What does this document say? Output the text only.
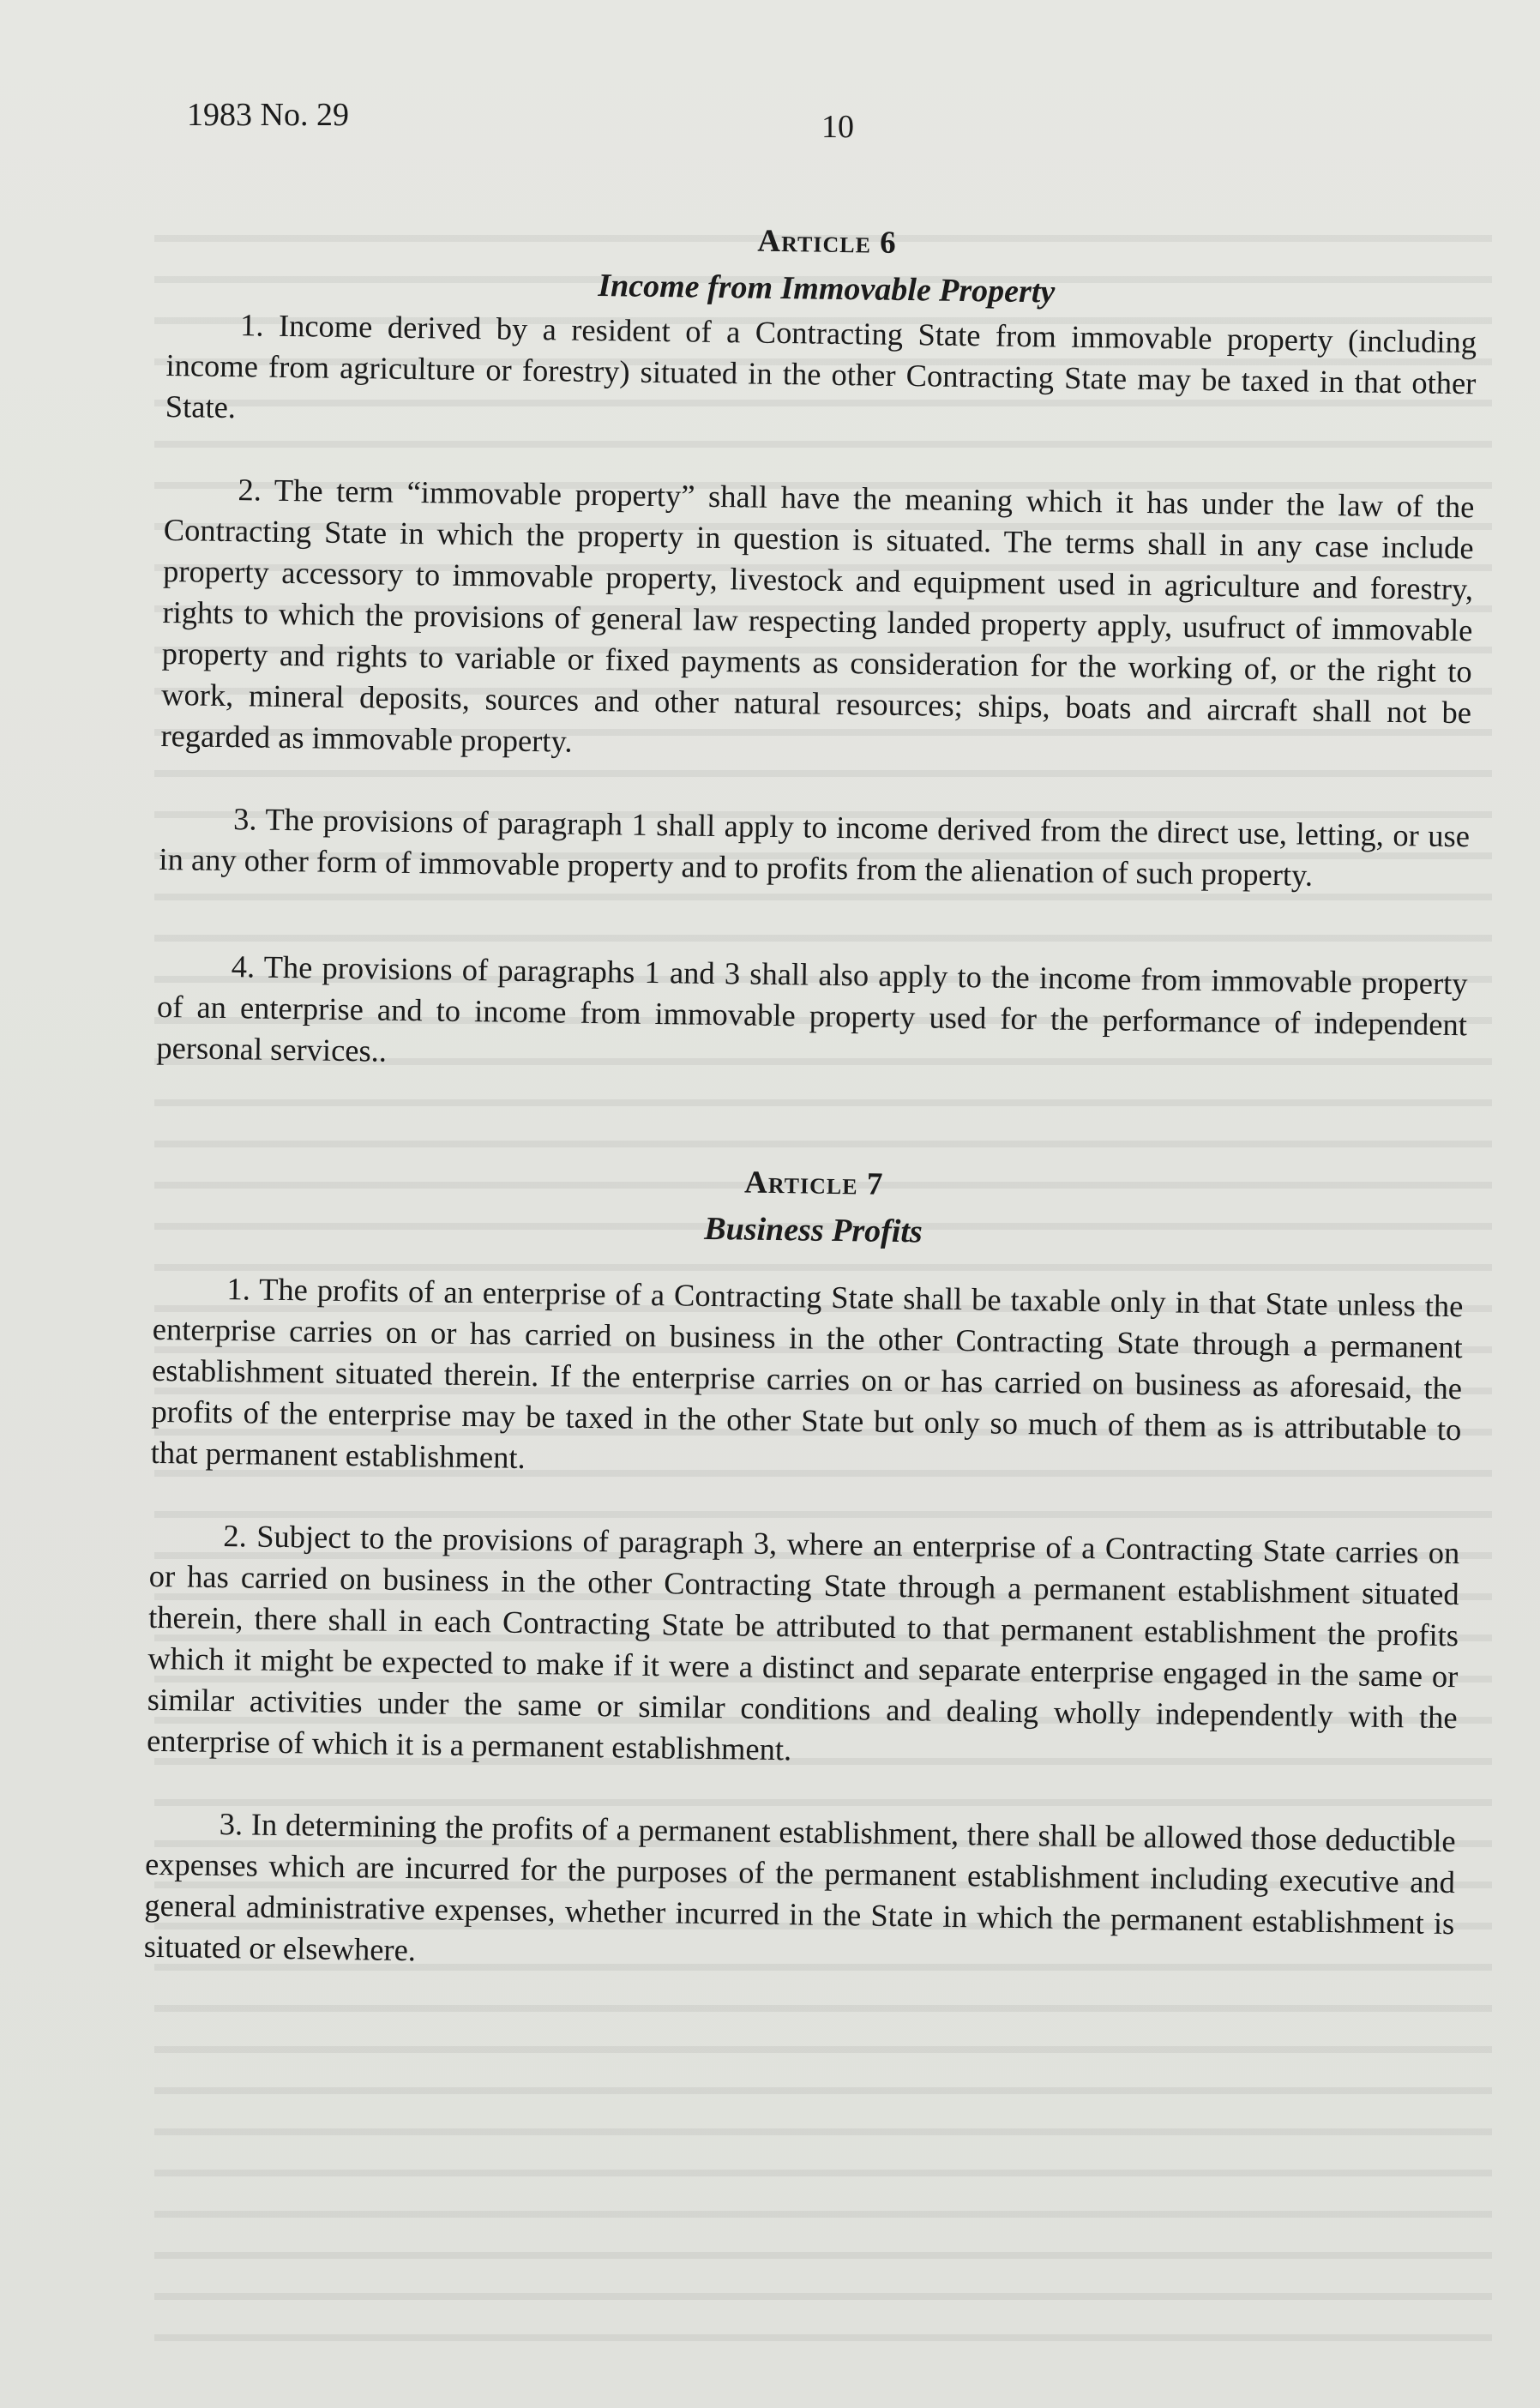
1983 No. 29	10
Article 6
Income from Immovable Property

1. Income derived by a resident of a Contracting State from immovable property (including income from agriculture or forestry) situated in the other Contracting State may be taxed in that other State.

2. The term “immovable property” shall have the meaning which it has under the law of the Contracting State in which the property in question is situated. The terms shall in any case include property accessory to immovable property, livestock and equipment used in agriculture and forestry, rights to which the provisions of general law respecting landed property apply, usufruct of immovable property and rights to variable or fixed payments as consideration for the working of, or the right to work, mineral deposits, sources and other natural resources; ships, boats and aircraft shall not be regarded as immovable property.

3. The provisions of paragraph 1 shall apply to income derived from the direct use, letting, or use in any other form of immovable property and to profits from the alienation of such property.

4. The provisions of paragraphs 1 and 3 shall also apply to the income from immovable property of an enterprise and to income from immovable property used for the performance of independent personal services..

Article 7
Business Profits

1. The profits of an enterprise of a Contracting State shall be taxable only in that State unless the enterprise carries on or has carried on business in the other Contracting State through a permanent establishment situated therein. If the enterprise carries on or has carried on business as aforesaid, the profits of the enterprise may be taxed in the other State but only so much of them as is attributable to that permanent establishment.

2. Subject to the provisions of paragraph 3, where an enterprise of a Contracting State carries on or has carried on business in the other Contracting State through a permanent establishment situated therein, there shall in each Contracting State be attributed to that permanent establishment the profits which it might be expected to make if it were a distinct and separate enterprise engaged in the same or similar activities under the same or similar conditions and dealing wholly independently with the enterprise of which it is a permanent establishment.

3. In determining the profits of a permanent establishment, there shall be allowed those deductible expenses which are incurred for the purposes of the permanent establishment including executive and general administrative expenses, whether incurred in the State in which the permanent establishment is situated or elsewhere.
